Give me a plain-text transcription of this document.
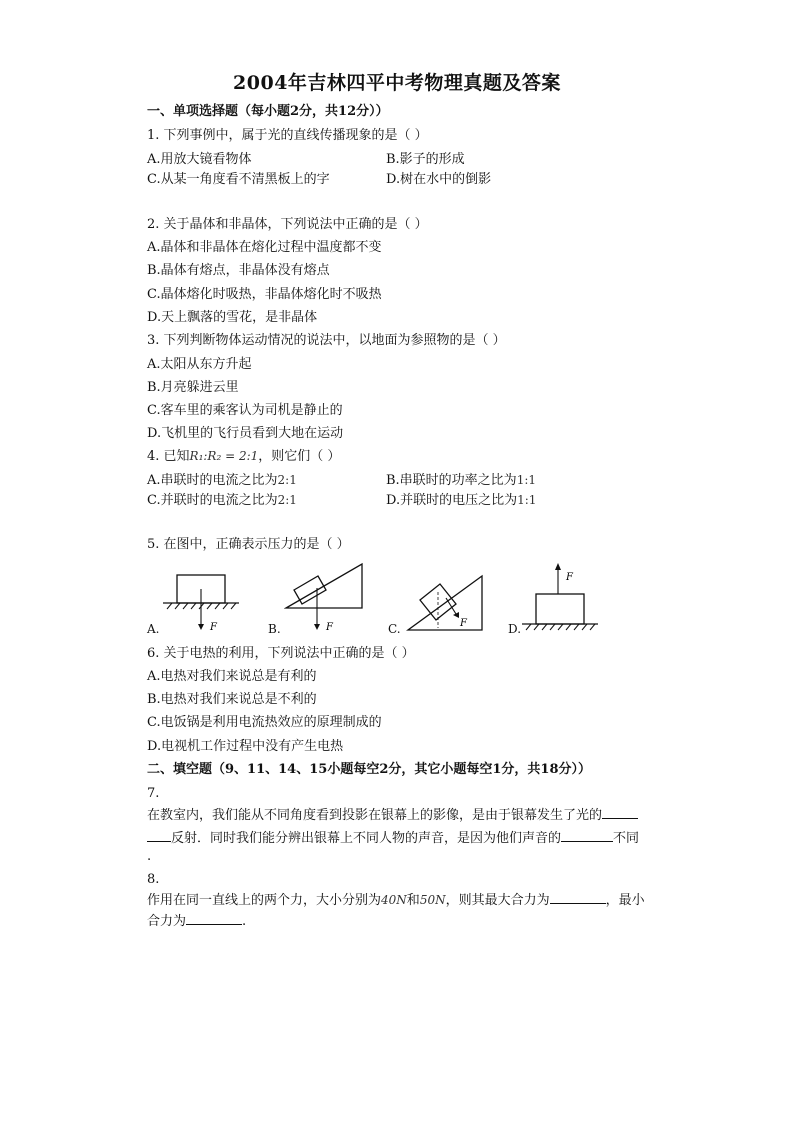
2004年吉林四平中考物理真题及答案
一、单项选择题（每小题2分，共12分））
1. 下列事例中，属于光的直线传播现象的是（ ）
A.用放大镜看物体	B.影子的形成
C.从某一角度看不清黑板上的字	D.树在水中的倒影
2. 关于晶体和非晶体，下列说法中正确的是（ ）
A.晶体和非晶体在熔化过程中温度都不变
B.晶体有熔点，非晶体没有熔点
C.晶体熔化时吸热，非晶体熔化时不吸热
D.天上飘落的雪花，是非晶体
3. 下列判断物体运动情况的说法中，以地面为参照物的是（ ）
A.太阳从东方升起
B.月亮躲进云里
C.客车里的乘客认为司机是静止的
D.飞机里的飞行员看到大地在运动
4. 已知R₁:R₂ = 2:1，则它们（ ）
A.串联时的电流之比为2:1	B.串联时的功率之比为1:1
C.并联时的电流之比为2:1	D.并联时的电压之比为1:1
5. 在图中，正确表示压力的是（ ）
F
A.	F
B.	F
C.
F
D.
6. 关于电热的利用，下列说法中正确的是（ ）
A.电热对我们来说总是有利的
B.电热对我们来说总是不利的
C.电饭锅是利用电流热效应的原理制成的
D.电视机工作过程中没有产生电热
二、填空题（9、11、14、15小题每空2分，其它小题每空1分，共18分））
7.
在教室内，我们能从不同角度看到投影在银幕上的影像，是由于银幕发生了光的
反射．同时我们能分辨出银幕上不同人物的声音，是因为他们声音的	不同
.
8.
作用在同一直线上的两个力，大小分别为40N和50N，则其最大合力为	，最小
合力为	.
